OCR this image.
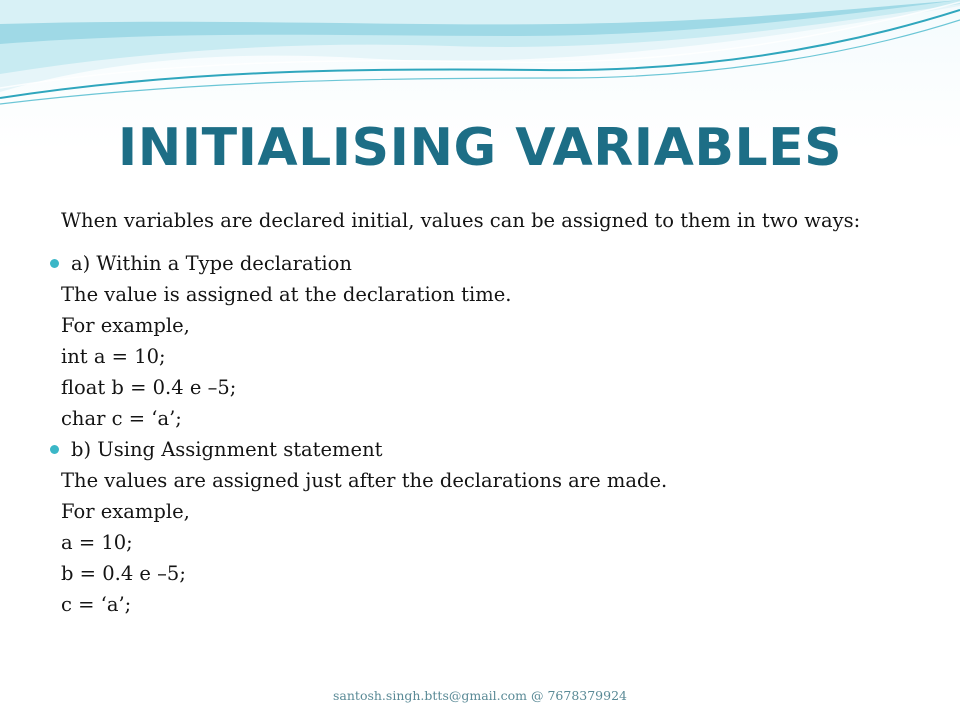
INITIALISING VARIABLES
When variables are declared initial, values can be assigned to them in two ways:
a) Within a Type declaration
The value is assigned at the declaration time.
For example,
int a = 10;
float b = 0.4 e –5;
char c = ‘a’;
b) Using Assignment statement
The values are assigned just after the declarations are made.
For example,
a = 10;
b = 0.4 e –5;
c = ‘a’;
santosh.singh.btts@gmail.com @ 7678379924
